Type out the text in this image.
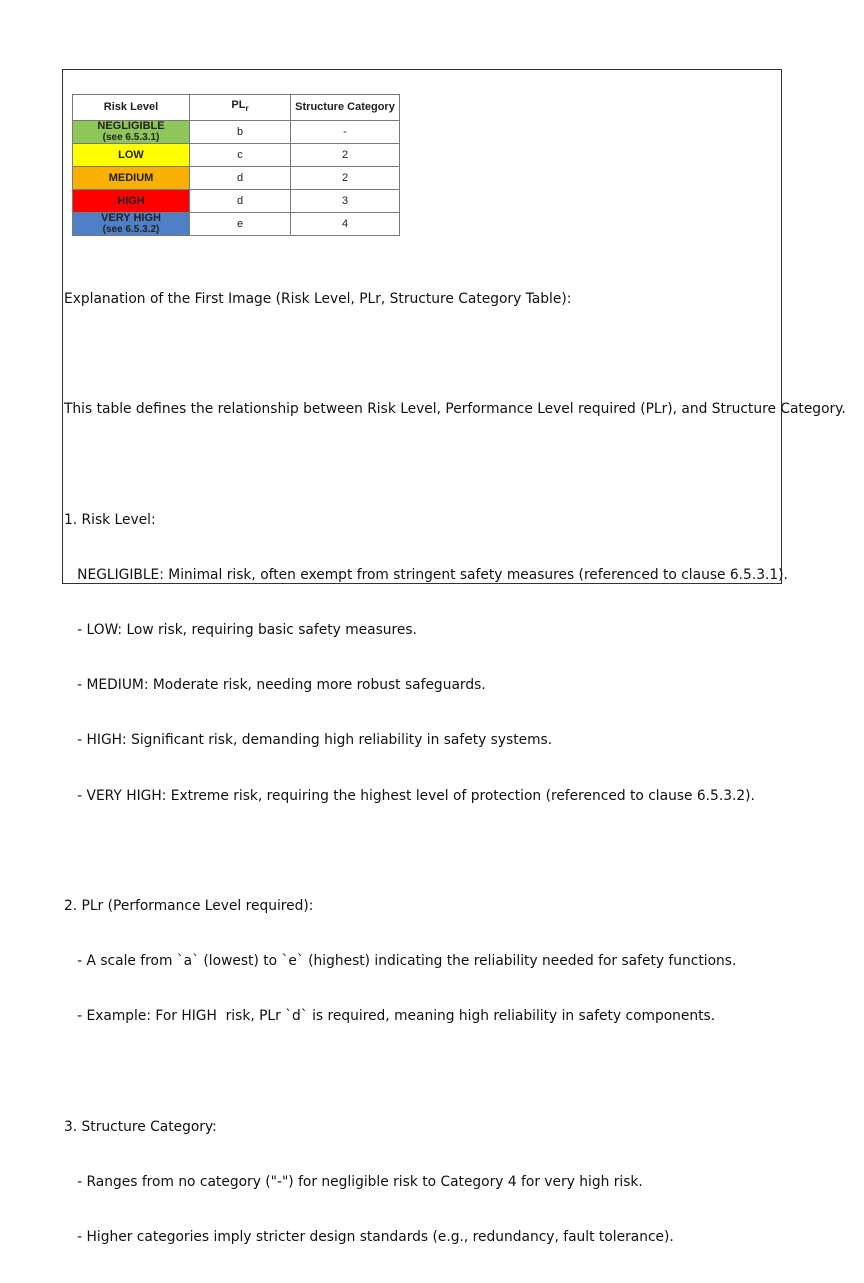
Risk Level	$PL_r$	Structure Category
NEGLIGIBLE
(see 6.5.3.1)	b	-
LOW	c	2
MEDIUM	d	2
HIGH	d	3
VERY HIGH
(see 6.5.3.2)	e	4

Explanation of the First Image (Risk Level, PLr, Structure Category Table):

This table defines the relationship between Risk Level, Performance Level required (PLr), and Structure Category.

1. Risk Level:

NEGLIGIBLE: Minimal risk, often exempt from stringent safety measures (referenced to clause 6.5.3.1).

- LOW: Low risk, requiring basic safety measures.

- MEDIUM: Moderate risk, needing more robust safeguards.

- HIGH: Significant risk, demanding high reliability in safety systems.

- VERY HIGH: Extreme risk, requiring the highest level of protection (referenced to clause 6.5.3.2).

2. PLr (Performance Level required):

- A scale from `a` (lowest) to `e` (highest) indicating the reliability needed for safety functions.

- Example: For HIGH  risk, PLr `d` is required, meaning high reliability in safety components.

3. Structure Category:

- Ranges from no category ("-") for negligible risk to Category 4 for very high risk.

- Higher categories imply stricter design standards (e.g., redundancy, fault tolerance).
